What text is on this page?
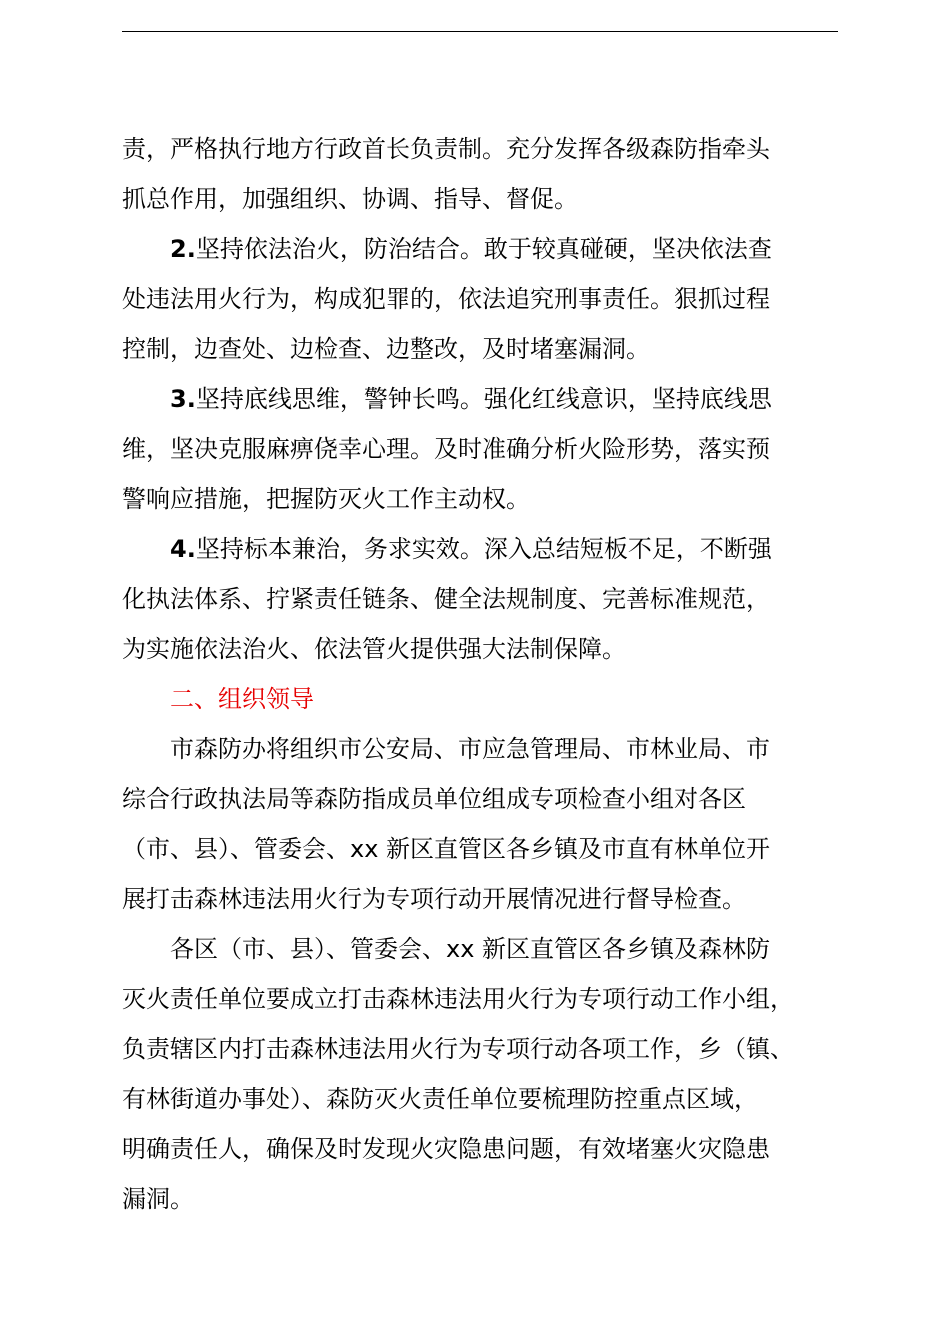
责，严格执行地方行政首长负责制。充分发挥各级森防指牵头
抓总作用，加强组织、协调、指导、督促。

2.坚持依法治火，防治结合。敢于较真碰硬，坚决依法查
处违法用火行为，构成犯罪的，依法追究刑事责任。狠抓过程
控制，边查处、边检查、边整改，及时堵塞漏洞。

3.坚持底线思维，警钟长鸣。强化红线意识，坚持底线思
维，坚决克服麻痹侥幸心理。及时准确分析火险形势，落实预
警响应措施，把握防灭火工作主动权。

4.坚持标本兼治，务求实效。深入总结短板不足，不断强
化执法体系、拧紧责任链条、健全法规制度、完善标准规范，
为实施依法治火、依法管火提供强大法制保障。

二、组织领导

市森防办将组织市公安局、市应急管理局、市林业局、市
综合行政执法局等森防指成员单位组成专项检查小组对各区
（市、县）、管委会、xx 新区直管区各乡镇及市直有林单位开
展打击森林违法用火行为专项行动开展情况进行督导检查。

各区（市、县）、管委会、xx 新区直管区各乡镇及森林防
灭火责任单位要成立打击森林违法用火行为专项行动工作小组，
负责辖区内打击森林违法用火行为专项行动各项工作，乡（镇、
有林街道办事处）、森防灭火责任单位要梳理防控重点区域，
明确责任人，确保及时发现火灾隐患问题，有效堵塞火灾隐患
漏洞。
